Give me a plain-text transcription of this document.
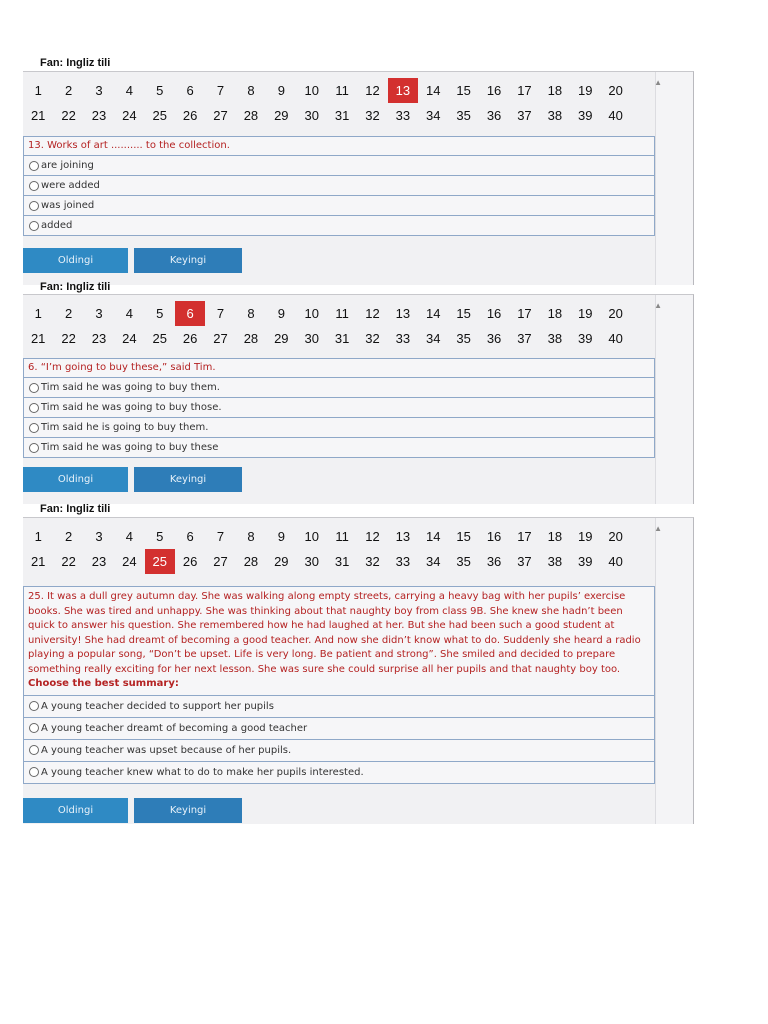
Fan: Ingliz tili
▲
1	2	3	4	5	6	7	8	9	10	11	12	13	14	15	16	17	18	19	20
21	22	23	24	25	26	27	28	29	30	31	32	33	34	35	36	37	38	39	40
13. Works of art .......... to the collection.
are joining
were added
was joined
added
Oldingi	Keyingi
Fan: Ingliz tili
▲
1	2	3	4	5	6	7	8	9	10	11	12	13	14	15	16	17	18	19	20
21	22	23	24	25	26	27	28	29	30	31	32	33	34	35	36	37	38	39	40
6. “I’m going to buy these,” said Tim.
Tim said he was going to buy them.
Tim said he was going to buy those.
Tim said he is going to buy them.
Tim said he was going to buy these
Oldingi	Keyingi
Fan: Ingliz tili
▲
1	2	3	4	5	6	7	8	9	10	11	12	13	14	15	16	17	18	19	20
21	22	23	24	25	26	27	28	29	30	31	32	33	34	35	36	37	38	39	40
25. It was a dull grey autumn day. She was walking along empty streets, carrying a heavy bag with her pupils’ exercise books. She was tired and unhappy. She was thinking about that naughty boy from class 9B. She knew she hadn’t been quick to answer his question. She remembered how he had laughed at her. But she had been such a good student at university! She had dreamt of becoming a good teacher. And now she didn’t know what to do. Suddenly she heard a radio playing a popular song, “Don’t be upset. Life is very long. Be patient and strong”. She smiled and decided to prepare something really exciting for her next lesson. She was sure she could surprise all her pupils and that naughty boy too. Choose the best summary:
A young teacher decided to support her pupils
A young teacher dreamt of becoming a good teacher
A young teacher was upset because of her pupils.
A young teacher knew what to do to make her pupils interested.
Oldingi	Keyingi
